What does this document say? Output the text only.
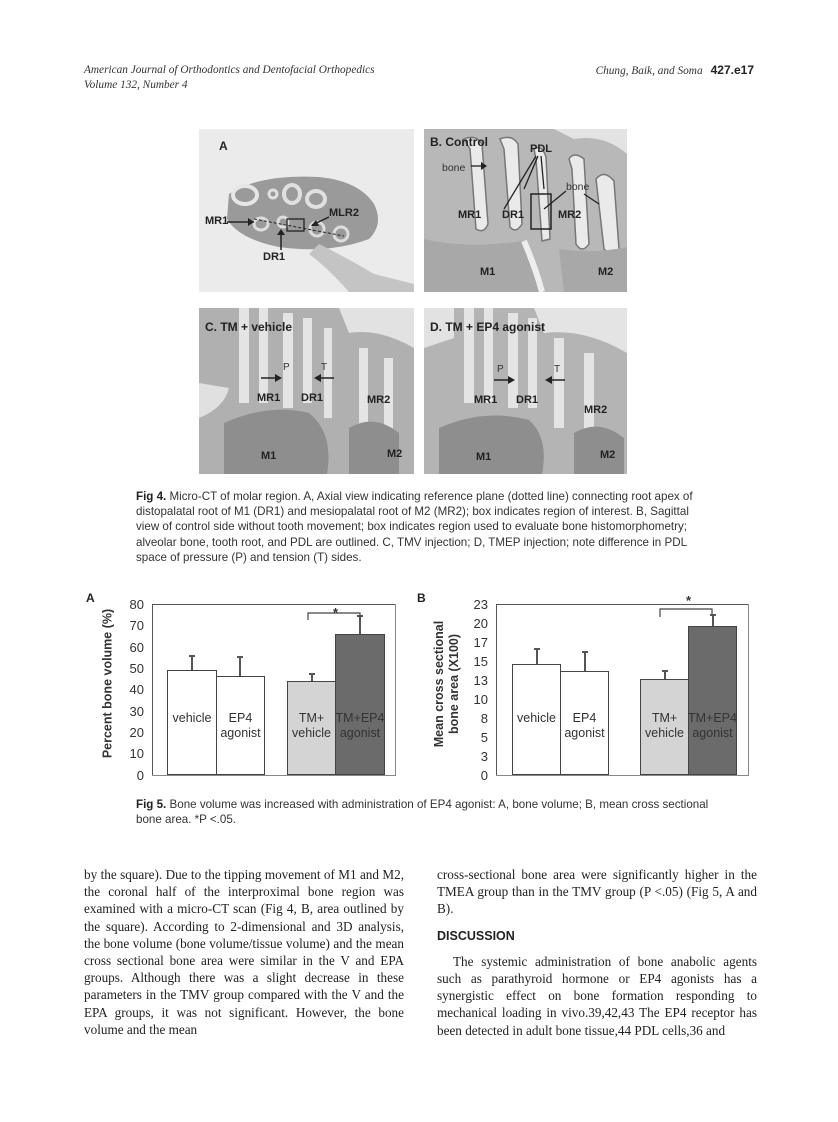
American Journal of Orthodontics and Dentofacial Orthopedics
Volume 132, Number 4
Chung, Baik, and Soma 427.e17
A
MR1
MLR2
DR1
B. Control	PDL
bone
bone
MR1 DR1	MR2
M1	M2
C. TM + vehicle
P	T
MR1 DR1	MR2
M1	M2
D. TM + EP4 agonist
P	T
MR1 DR1
MR2
M1	M2
Fig 4. Micro-CT of molar region. A, Axial view indicating reference plane (dotted line) connecting root apex of distopalatal root of M1 (DR1) and mesiopalatal root of M2 (MR2); box indicates region of interest. B, Sagittal view of control side without tooth movement; box indicates region used to evaluate bone histomorphometry; alveolar bone, tooth root, and PDL are outlined. C, TMV injection; D, TMEP injection; note difference in PDL space of pressure (P) and tension (T) sides.
A
Percent bone volume (%)
80
70
60
50
40
30
20
10
0
*
vehicle	EP4
agonist
TM+
vehicle
TM+EP4
agonist
B
Mean cross sectional bone area (X100)
23
20
17
15
13
10
8
5
3
0
*
vehicle	EP4
agonist
TM+
vehicle
TM+EP4
agonist
Fig 5. Bone volume was increased with administration of EP4 agonist: A, bone volume; B, mean cross sectional bone area. *P <.05.

by the square). Due to the tipping movement of M1 and M2, the coronal half of the interproximal bone region was examined with a micro-CT scan (Fig 4, B, area outlined by the square). According to 2-dimensional and 3D analysis, the bone volume (bone volume/tissue volume) and the mean cross sectional bone area were similar in the V and EPA groups. Although there was a slight decrease in these parameters in the TMV group compared with the V and the EPA groups, it was not significant. However, the bone volume and the mean

cross-sectional bone area were significantly higher in the TMEA group than in the TMV group (P <.05) (Fig 5, A and B).

DISCUSSION

The systemic administration of bone anabolic agents such as parathyroid hormone or EP4 agonists has a synergistic effect on bone formation responding to mechanical loading in vivo.39,42,43 The EP4 receptor has been detected in adult bone tissue,44 PDL cells,36 and
